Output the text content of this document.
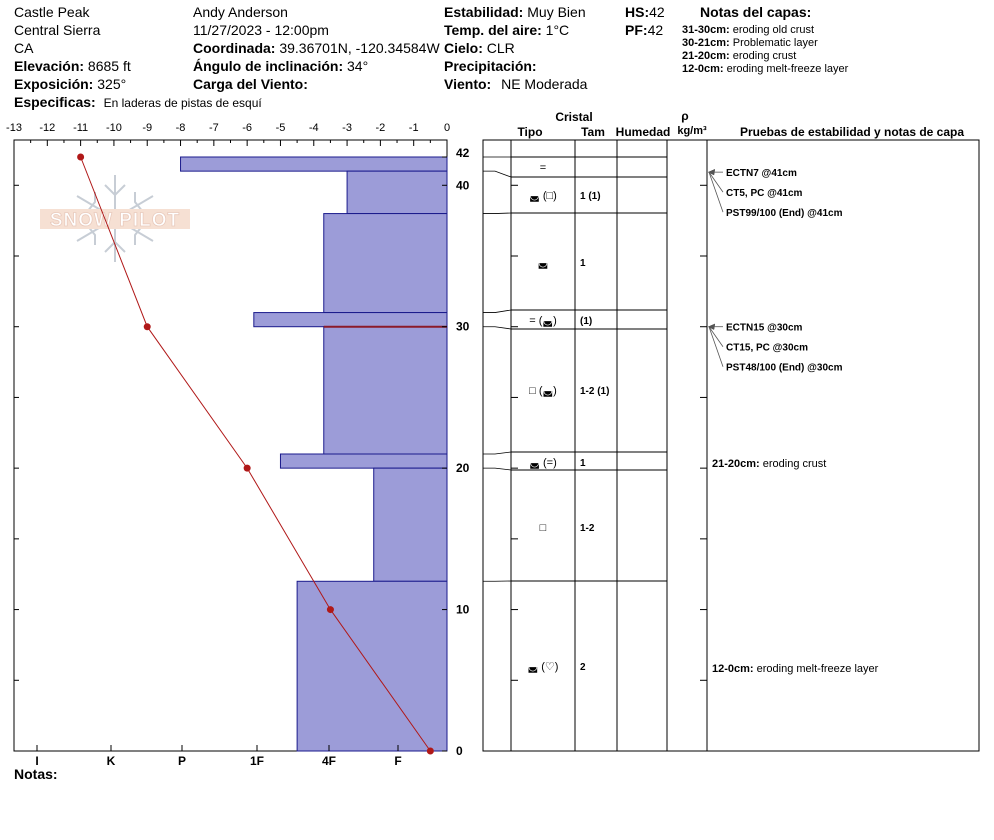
Castle Peak
Central Sierra
CA
Elevación: 8685 ft
Exposición: 325°
Especificas: En laderas de pistas de esquí
Andy Anderson
11/27/2023 - 12:00pm
Coordinada: 39.36701N, -120.34584W
Ángulo de inclinación: 34°
Carga del Viento:
Estabilidad: Muy Bien
Temp. del aire: 1°C
Cielo: CLR
Precipitación:
Viento: NE Moderada
HS:42
PF:42
Notas del capas:
31-30cm: eroding old crust
30-21cm: Problematic layer
21-20cm: eroding crust
12-0cm: eroding melt-freeze layer
SNOW PILOT
-13 -12 -11 -10 -9 -8 -7 -6 -5 -4 -3 -2 -1 0
0
10
20
30
40
42
I	K	P	1F	4F	F
Cristal
Tipo	Tam Humedad
ρ
kg/m³	Pruebas de estabilidad y notas de capa
=
◛ (□) 1 (1)
◛	1
= (◛) (1)
□ (◛) 1-2 (1)
◛ (=) 1
□	1-2
◛ (♡) 2
ECTN7 @41cm
CT5, PC @41cm
PST99/100 (End) @41cm
ECTN15 @30cm
CT15, PC @30cm
PST48/100 (End) @30cm
21-20cm: eroding crust
12-0cm: eroding melt-freeze layer
Notas:
